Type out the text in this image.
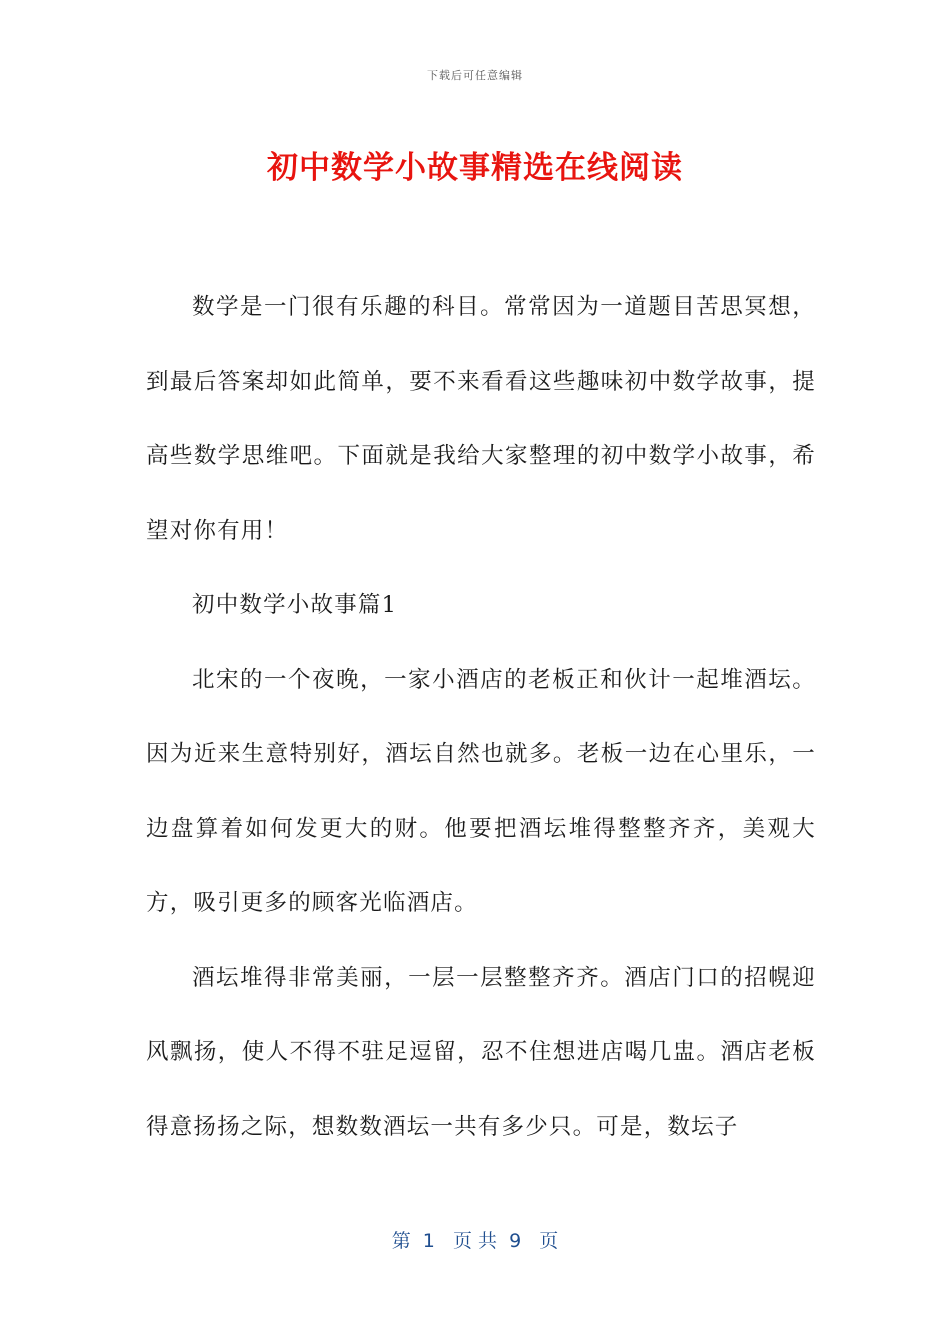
下载后可任意编辑
初中数学小故事精选在线阅读

数学是一门很有乐趣的科目。常常因为一道题目苦思冥想，到最后答案却如此简单，要不来看看这些趣味初中数学故事，提高些数学思维吧。下面就是我给大家整理的初中数学小故事，希望对你有用！

初中数学小故事篇1

北宋的一个夜晚，一家小酒店的老板正和伙计一起堆酒坛。因为近来生意特别好，酒坛自然也就多。老板一边在心里乐，一边盘算着如何发更大的财。他要把酒坛堆得整整齐齐，美观大方，吸引更多的顾客光临酒店。

酒坛堆得非常美丽，一层一层整整齐齐。酒店门口的招幌迎风飘扬，使人不得不驻足逗留，忍不住想进店喝几盅。酒店老板得意扬扬之际，想数数酒坛一共有多少只。可是，数坛子

第  1   页 共  9   页
